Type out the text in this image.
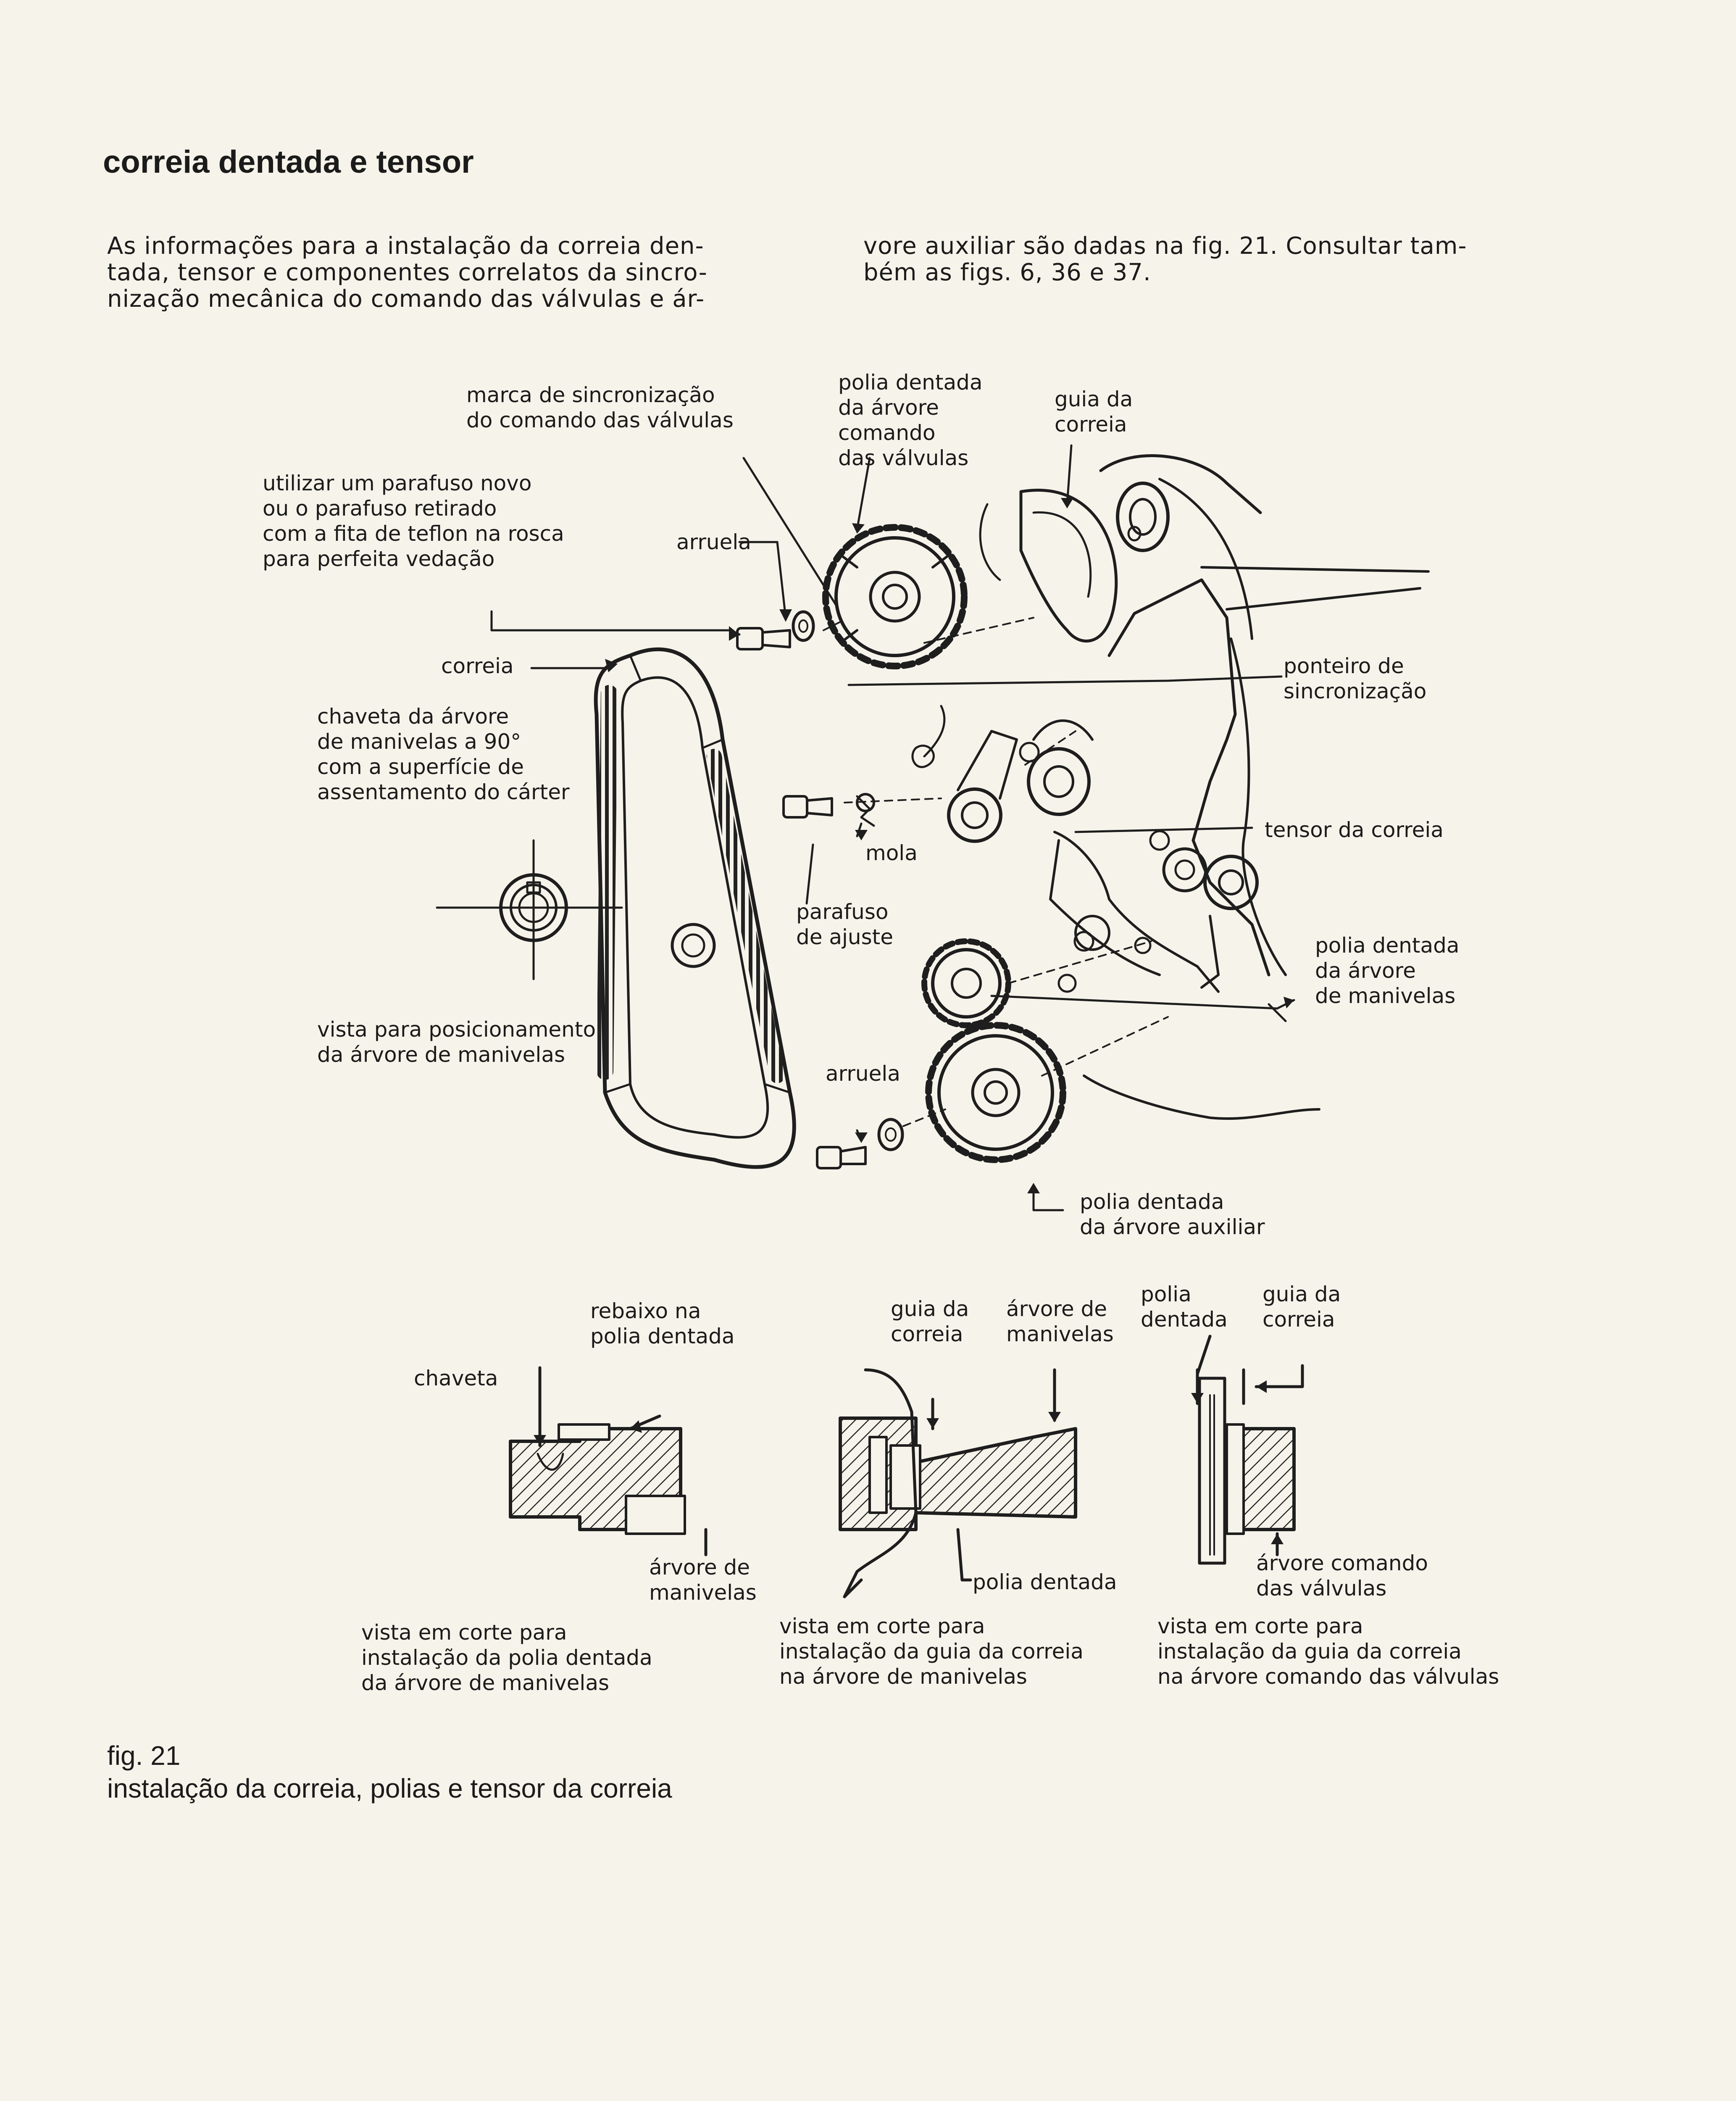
correia dentada e tensor
As informações para a instalação da correia den-
tada, tensor e componentes correlatos da sincro-
nização mecânica do comando das válvulas e ár-
vore auxiliar são dadas na fig. 21. Consultar tam-
bém as figs. 6, 36 e 37.
marca de sincronização
do comando das válvulas
polia dentada
da árvore
comando
das válvulas
guia da
correia
utilizar um parafuso novo
ou o parafuso retirado
com a fita de teflon na rosca
para perfeita vedação
arruela
correia
chaveta da árvore
de manivelas a 90°
com a superfície de
assentamento do cárter
ponteiro de
sincronização
mola
tensor da correia
parafuso
de ajuste	polia dentada
da árvore
de manivelas
vista para posicionamento
da árvore de manivelas
arruela
polia dentada
da árvore auxiliar
rebaixo na
polia dentada
chaveta
árvore de
manivelas
vista em corte para
instalação da polia dentada
da árvore de manivelas
guia da
correia
árvore de
manivelas
polia dentada
vista em corte para
instalação da guia da correia
na árvore de manivelas
polia
dentada
guia da
correia
árvore comando
das válvulas
vista em corte para
instalação da guia da correia
na árvore comando das válvulas
fig. 21
instalação da correia, polias e tensor da correia
